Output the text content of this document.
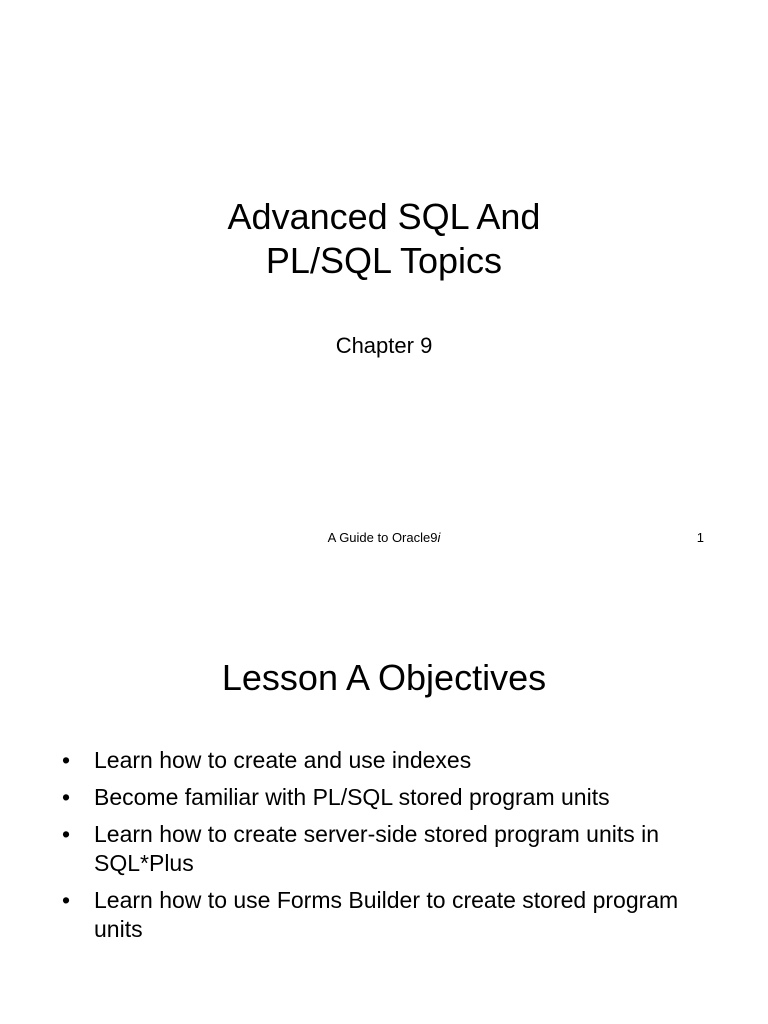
Advanced SQL And
PL/SQL Topics
Chapter 9
A Guide to Oracle9i	1
Lesson A Objectives
• Learn how to create and use indexes
• Become familiar with PL/SQL stored program units
• Learn how to create server-side stored program units in SQL*Plus
• Learn how to use Forms Builder to create stored program units
